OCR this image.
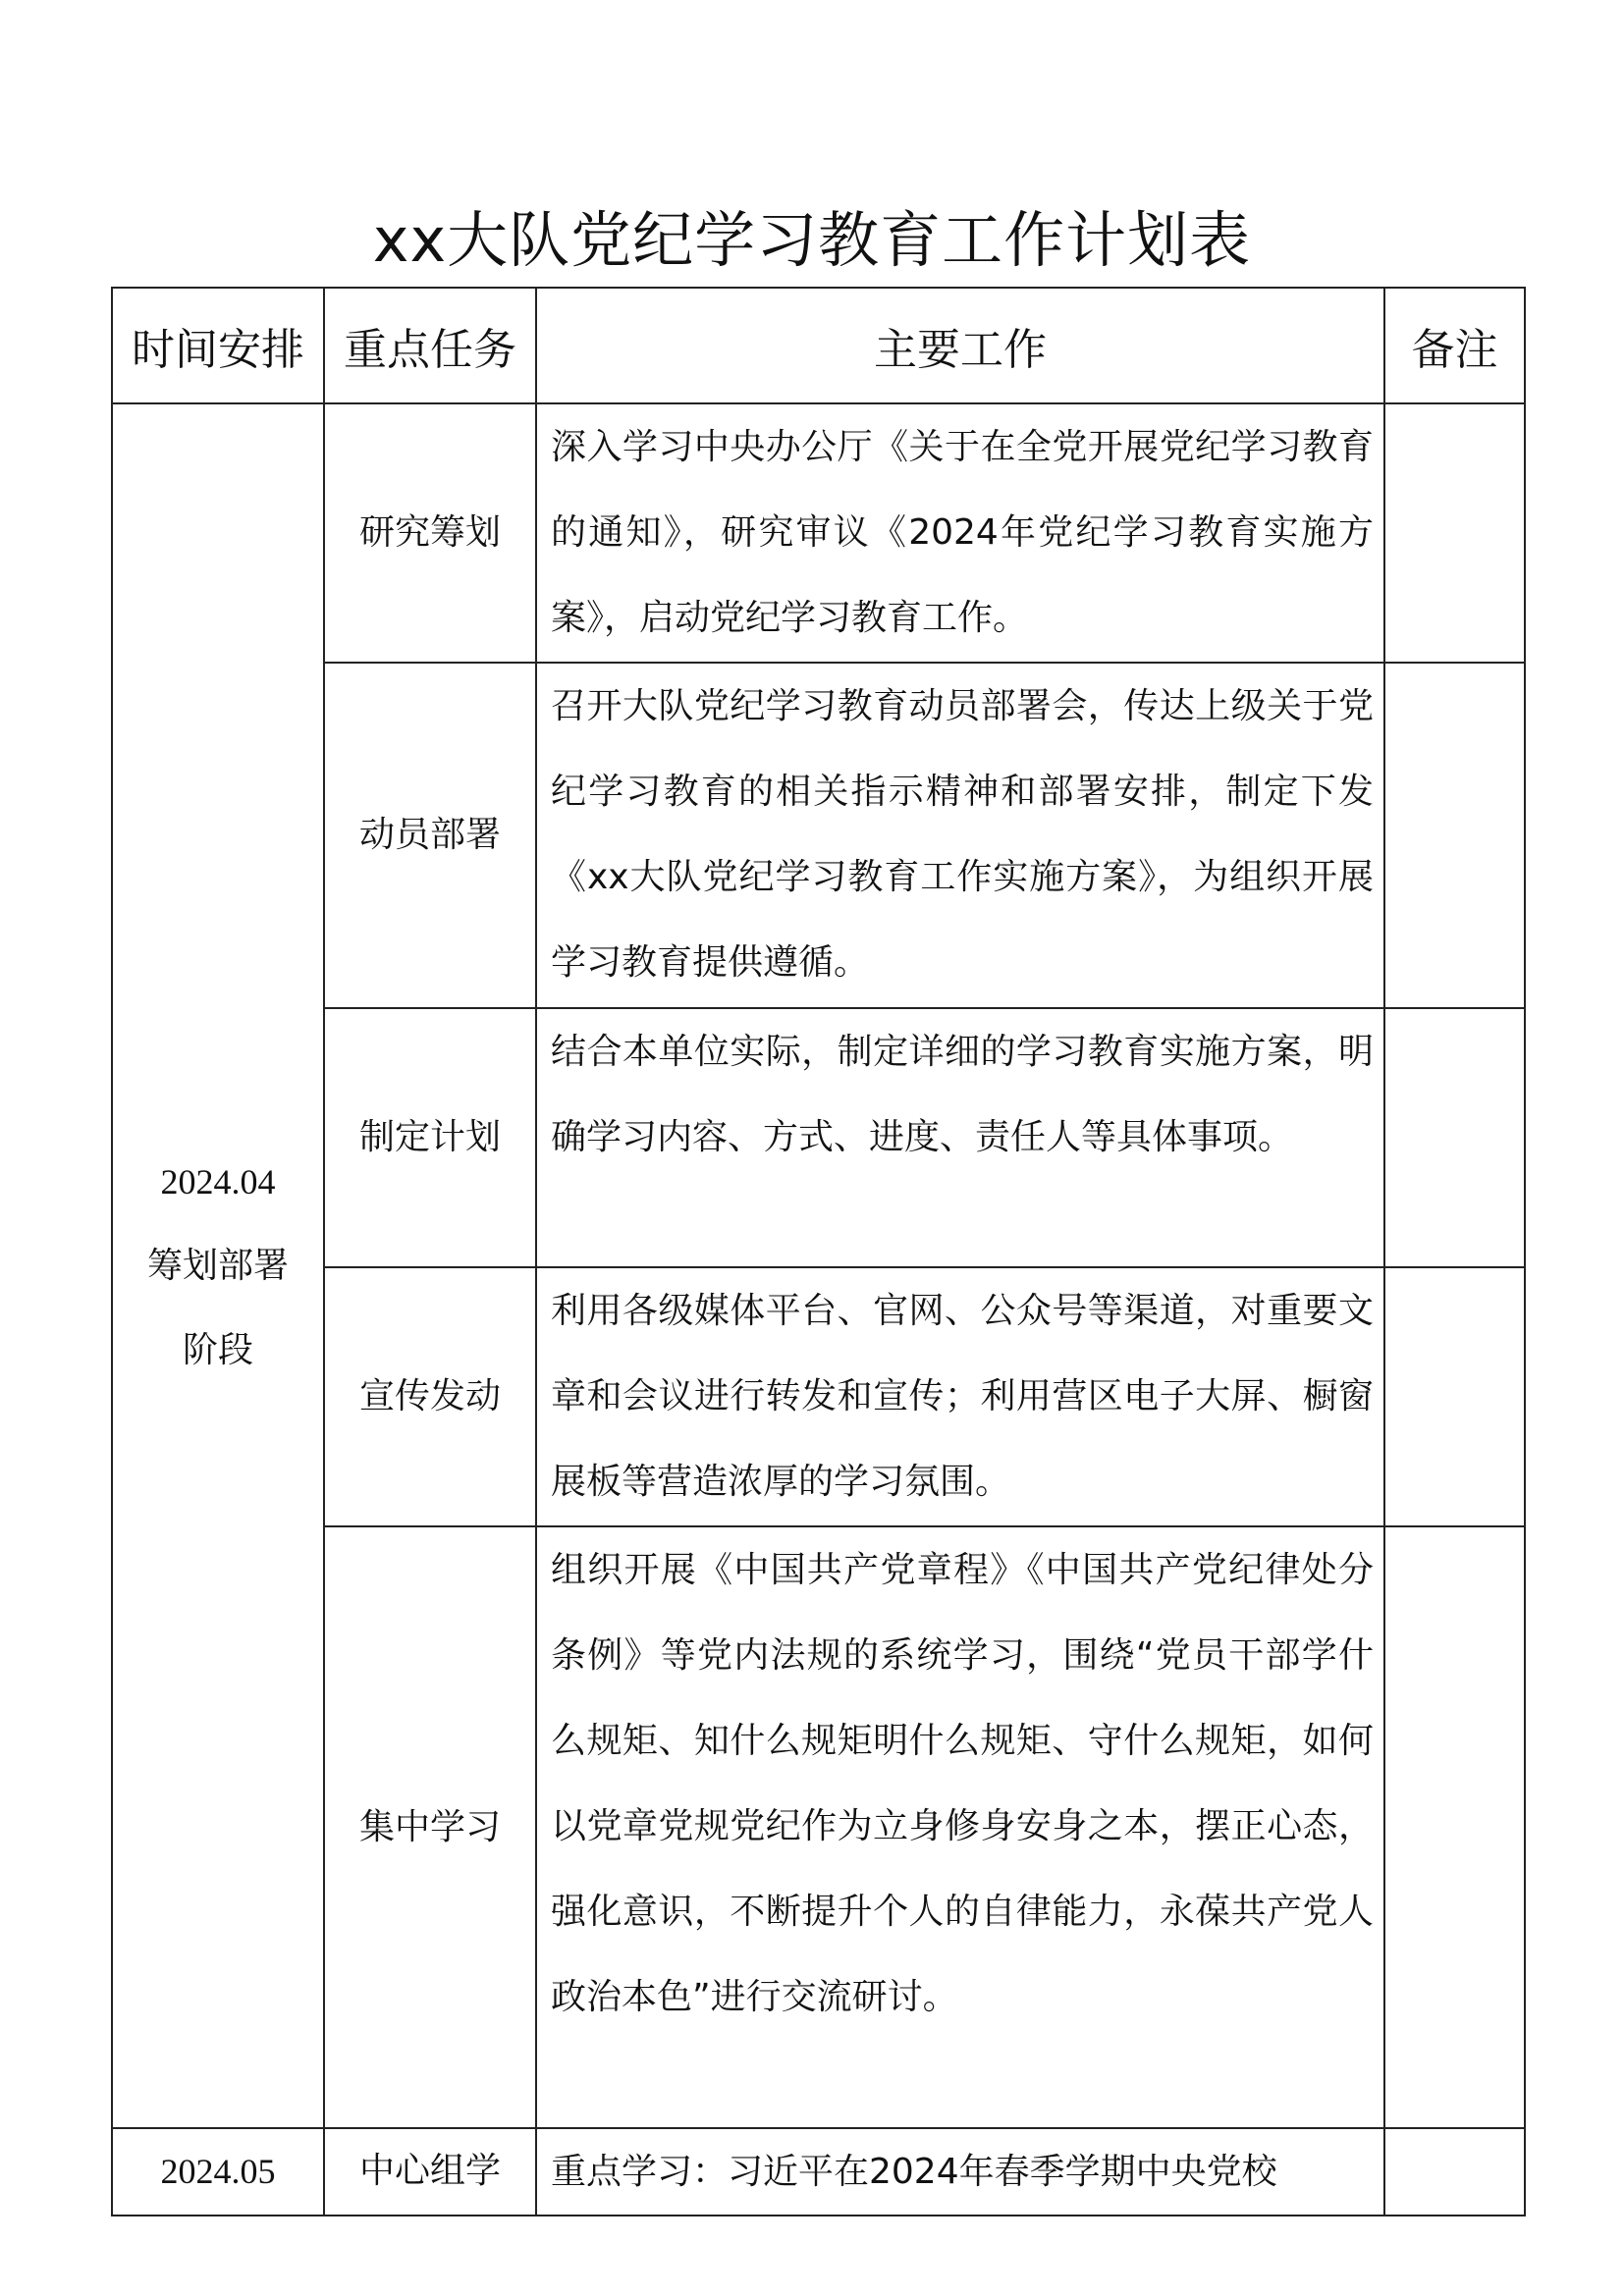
xx大队党纪学习教育工作计划表
时间安排	重点任务	主要工作	备注

2024.04
筹划部署
阶段	研究筹划	深入学习中央办公厅《关于在全党开展党纪学习教育的通知》，研究审议《2024年党纪学习教育实施方案》，启动党纪学习教育工作。	
	动员部署	召开大队党纪学习教育动员部署会，传达上级关于党纪学习教育的相关指示精神和部署安排，制定下发《xx大队党纪学习教育工作实施方案》，为组织开展学习教育提供遵循。	
	制定计划	结合本单位实际，制定详细的学习教育实施方案，明确学习内容、方式、进度、责任人等具体事项。	
	宣传发动	利用各级媒体平台、官网、公众号等渠道，对重要文章和会议进行转发和宣传；利用营区电子大屏、橱窗展板等营造浓厚的学习氛围。	
	集中学习	组织开展《中国共产党章程》《中国共产党纪律处分条例》等党内法规的系统学习，围绕“党员干部学什么规矩、知什么规矩明什么规矩、守什么规矩，如何以党章党规党纪作为立身修身安身之本，摆正心态，强化意识，不断提升个人的自律能力，永葆共产党人政治本色”进行交流研讨。	

2024.05	中心组学	重点学习：习近平在2024年春季学期中央党校	
